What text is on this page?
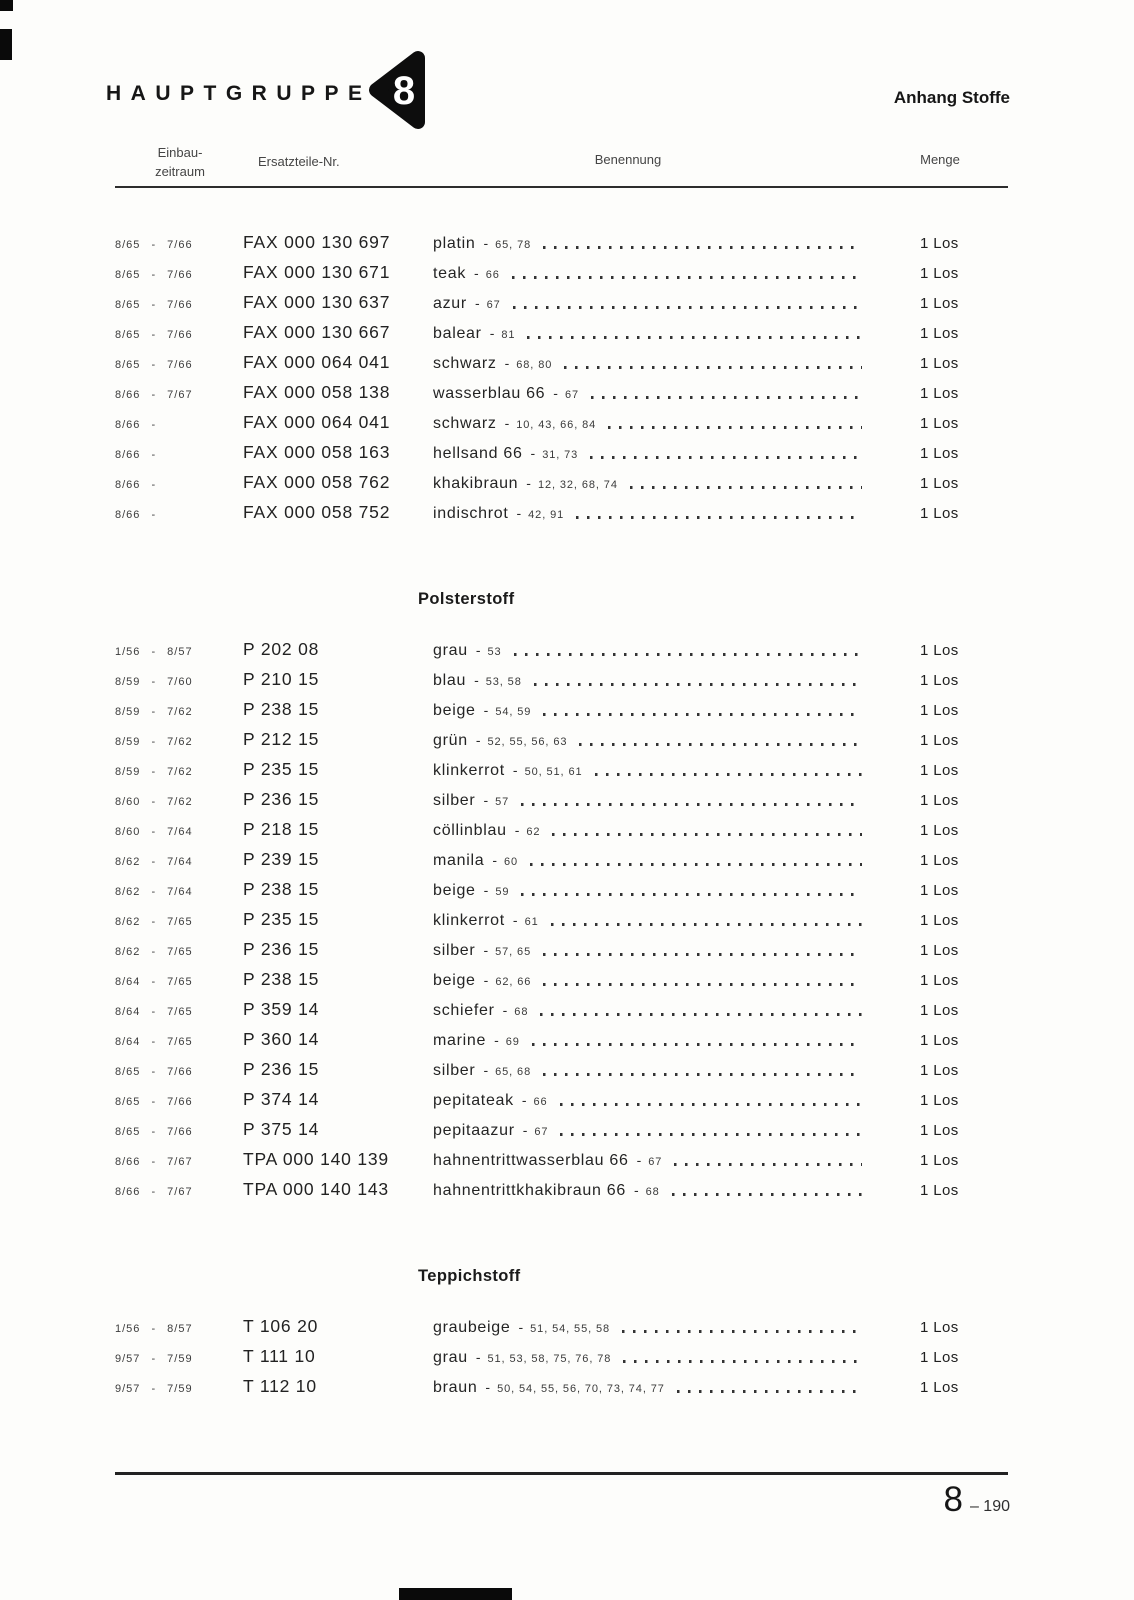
HAUPTGRUPPE 8	Anhang Stoffe
Einbau-
zeitraum
Ersatzteile-Nr.	Benennung	Menge
8/65 - 7/66	FAX 000 130 697	platin - 65, 78	1 Los
8/65 - 7/66	FAX 000 130 671	teak - 66	1 Los
8/65 - 7/66	FAX 000 130 637	azur - 67	1 Los
8/65 - 7/66	FAX 000 130 667	balear - 81	1 Los
8/65 - 7/66	FAX 000 064 041	schwarz - 68, 80	1 Los
8/66 - 7/67	FAX 000 058 138	wasserblau 66 - 67	1 Los
8/66 -	FAX 000 064 041	schwarz - 10, 43, 66, 84	1 Los
8/66 -	FAX 000 058 163	hellsand 66 - 31, 73	1 Los
8/66 -	FAX 000 058 762	khakibraun - 12, 32, 68, 74	1 Los
8/66 -	FAX 000 058 752	indischrot - 42, 91	1 Los
Polsterstoff
1/56 - 8/57	P 202 08	grau - 53	1 Los
8/59 - 7/60	P 210 15	blau - 53, 58	1 Los
8/59 - 7/62	P 238 15	beige - 54, 59	1 Los
8/59 - 7/62	P 212 15	grün - 52, 55, 56, 63	1 Los
8/59 - 7/62	P 235 15	klinkerrot - 50, 51, 61	1 Los
8/60 - 7/62	P 236 15	silber - 57	1 Los
8/60 - 7/64	P 218 15	cöllinblau - 62	1 Los
8/62 - 7/64	P 239 15	manila - 60	1 Los
8/62 - 7/64	P 238 15	beige - 59	1 Los
8/62 - 7/65	P 235 15	klinkerrot - 61	1 Los
8/62 - 7/65	P 236 15	silber - 57, 65	1 Los
8/64 - 7/65	P 238 15	beige - 62, 66	1 Los
8/64 - 7/65	P 359 14	schiefer - 68	1 Los
8/64 - 7/65	P 360 14	marine - 69	1 Los
8/65 - 7/66	P 236 15	silber - 65, 68	1 Los
8/65 - 7/66	P 374 14	pepitateak - 66	1 Los
8/65 - 7/66	P 375 14	pepitaazur - 67	1 Los
8/66 - 7/67	TPA 000 140 139	hahnentrittwasserblau 66 - 67	1 Los
8/66 - 7/67	TPA 000 140 143	hahnentrittkhakibraun 66 - 68	1 Los
Teppichstoff
1/56 - 8/57	T 106 20	graubeige - 51, 54, 55, 58	1 Los
9/57 - 7/59	T 111 10	grau - 51, 53, 58, 75, 76, 78	1 Los
9/57 - 7/59	T 112 10	braun - 50, 54, 55, 56, 70, 73, 74, 77	1 Los
8 – 190
